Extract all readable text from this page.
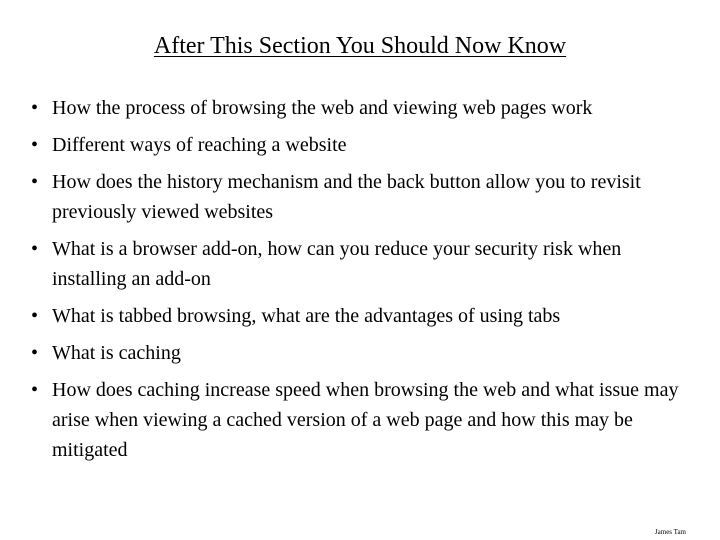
After This Section You Should Now Know
• How the process of browsing the web and viewing web pages work
• Different ways of reaching a website
• How does the history mechanism and the back button allow you to revisit previously viewed websites
• What is a browser add-on, how can you reduce your security risk when installing an add-on
• What is tabbed browsing, what are the advantages of using tabs
• What is caching
• How does caching increase speed when browsing the web and what issue may arise when viewing a cached version of a web page and how this may be mitigated
James Tam
